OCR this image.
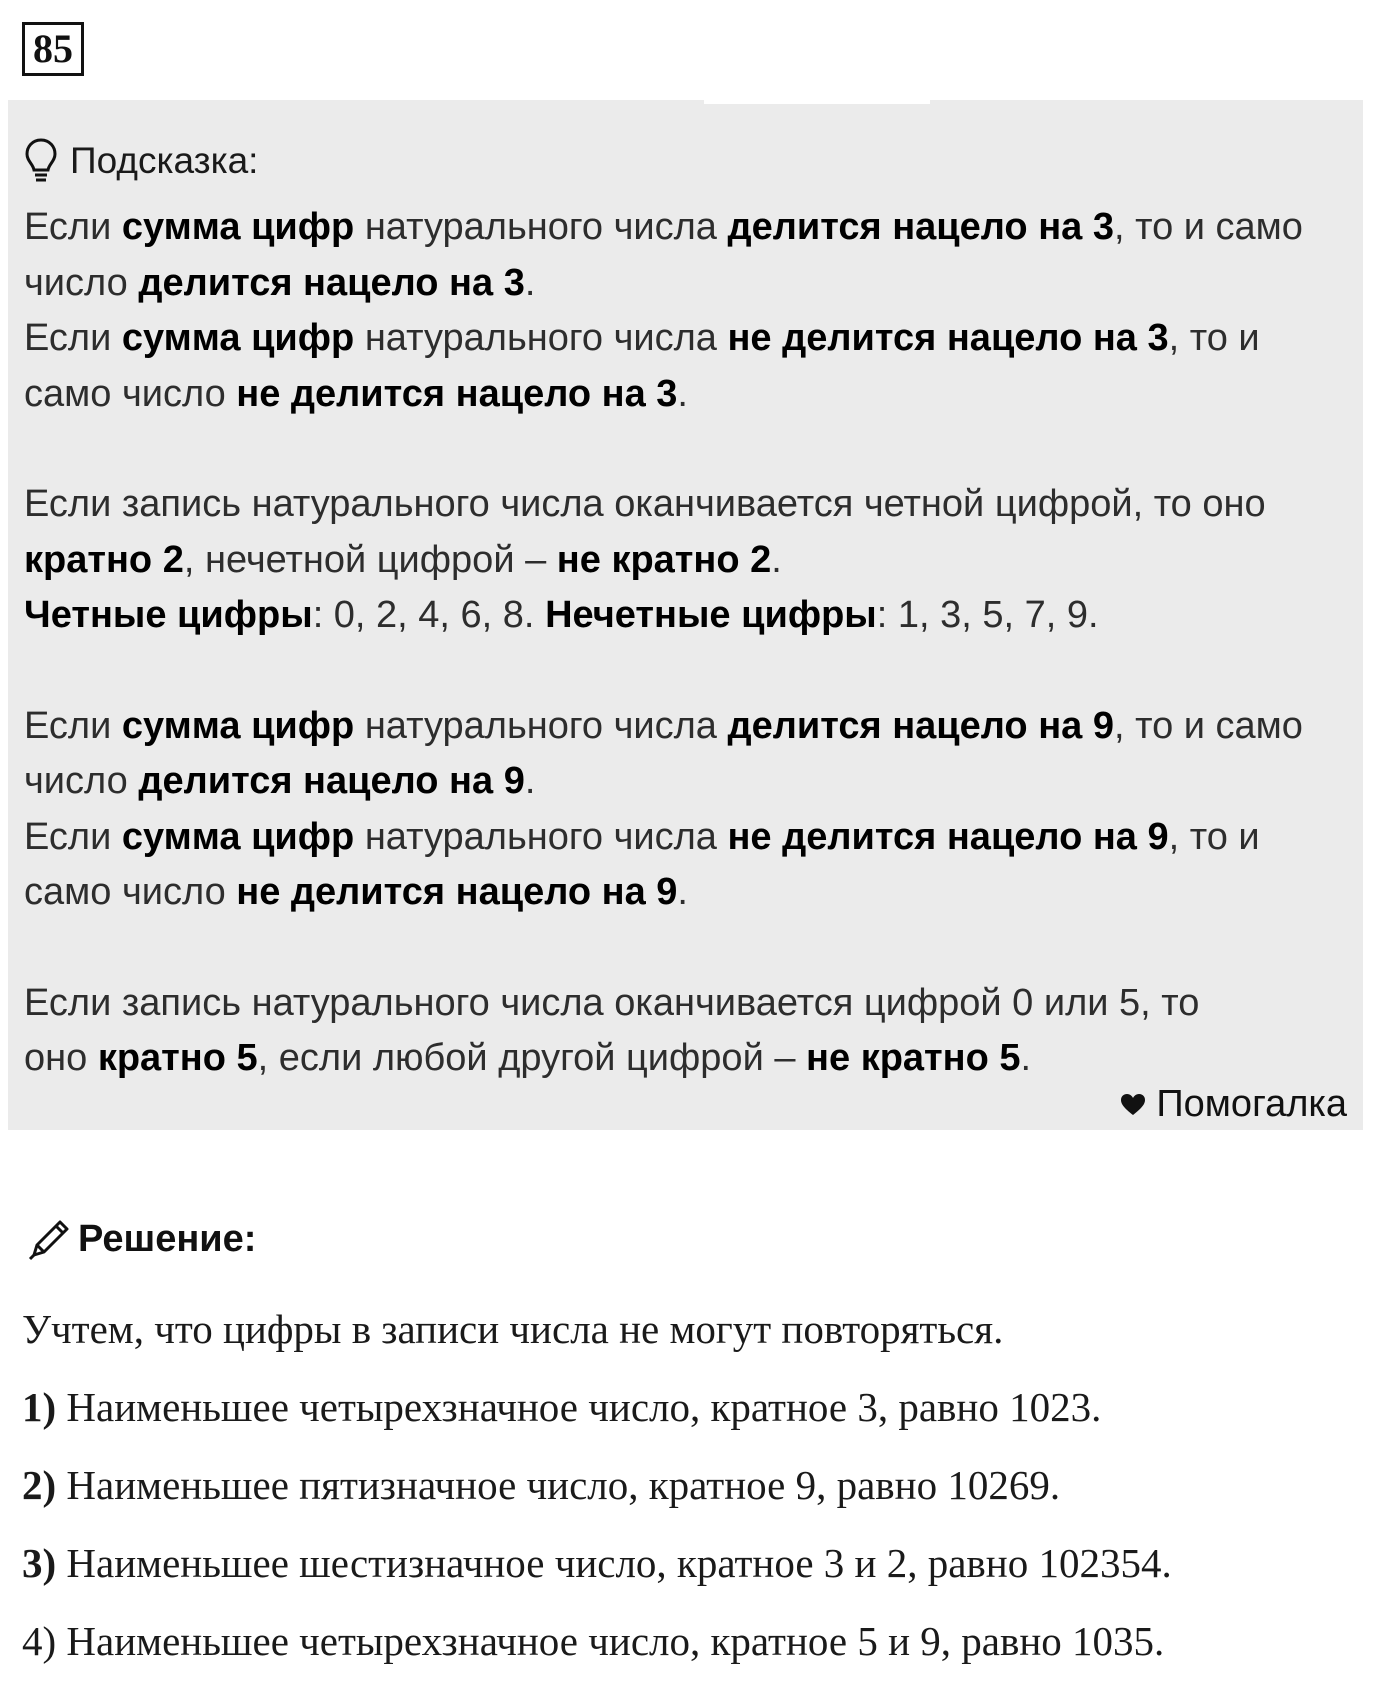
85
Подсказка:

Если сумма цифр натурального числа делится нацело на 3, то и само

число делится нацело на 3.

Если сумма цифр натурального числа не делится нацело на 3, то и

само число не делится нацело на 3.

Если запись натурального числа оканчивается четной цифрой, то оно

кратно 2, нечетной цифрой – не кратно 2.

Четные цифры: 0, 2, 4, 6, 8. Нечетные цифры: 1, 3, 5, 7, 9.

Если сумма цифр натурального числа делится нацело на 9, то и само

число делится нацело на 9.

Если сумма цифр натурального числа не делится нацело на 9, то и

само число не делится нацело на 9.

Если запись натурального числа оканчивается цифрой 0 или 5, то

оно кратно 5, если любой другой цифрой – не кратно 5.

Помогалка
Решение:
Учтем, что цифры в записи числа не могут повторяться.
1) Наименьшее четырехзначное число, кратное 3, равно 1023.
2) Наименьшее пятизначное число, кратное 9, равно 10269.
3) Наименьшее шестизначное число, кратное 3 и 2, равно 102354.
4) Наименьшее четырехзначное число, кратное 5 и 9, равно 1035.
